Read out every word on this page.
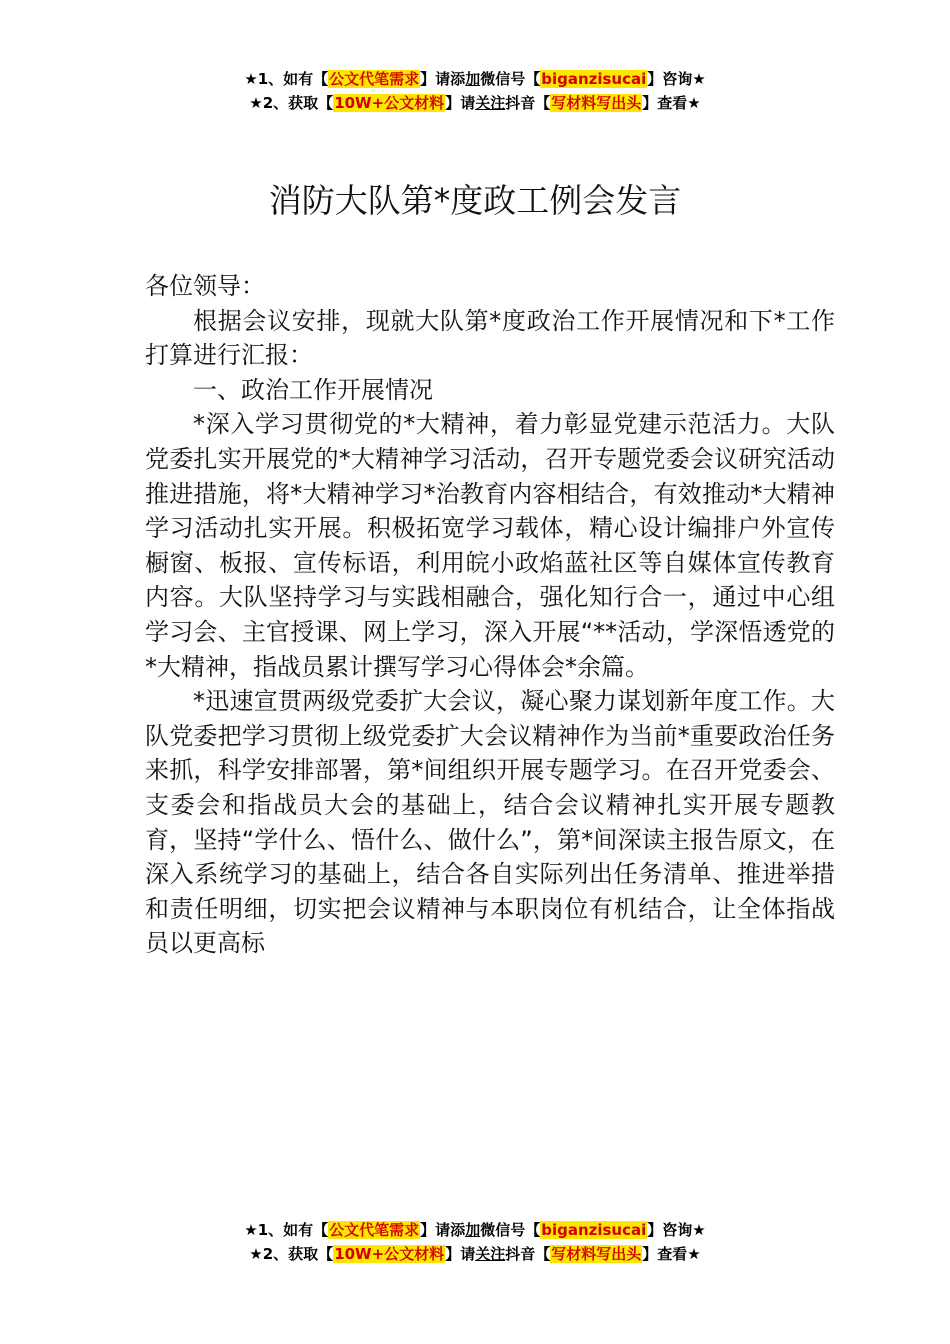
★1、如有【公文代笔需求】请添加微信号【biganzisucai】咨询★
★2、获取【10W+公文材料】请关注抖音【写材料写出头】查看★
消防大队第*度政工例会发言

各位领导：

根据会议安排，现就大队第*度政治工作开展情况和下*工作打算进行汇报：

一、政治工作开展情况

*深入学习贯彻党的*大精神，着力彰显党建示范活力。大队党委扎实开展党的*大精神学习活动，召开专题党委会议研究活动推进措施，将*大精神学习*治教育内容相结合，有效推动*大精神学习活动扎实开展。积极拓宽学习载体，精心设计编排户外宣传橱窗、板报、宣传标语，利用皖小政焰蓝社区等自媒体宣传教育内容。大队坚持学习与实践相融合，强化知行合一，通过中心组学习会、主官授课、网上学习，深入开展“**活动，学深悟透党的*大精神，指战员累计撰写学习心得体会*余篇。

*迅速宣贯两级党委扩大会议，凝心聚力谋划新年度工作。大队党委把学习贯彻上级党委扩大会议精神作为当前*重要政治任务来抓，科学安排部署，第*间组织开展专题学习。在召开党委会、支委会和指战员大会的基础上，结合会议精神扎实开展专题教育，坚持“学什么、悟什么、做什么”，第*间深读主报告原文，在深入系统学习的基础上，结合各自实际列出任务清单、推进举措和责任明细，切实把会议精神与本职岗位有机结合，让全体指战员以更高标

★1、如有【公文代笔需求】请添加微信号【biganzisucai】咨询★
★2、获取【10W+公文材料】请关注抖音【写材料写出头】查看★
